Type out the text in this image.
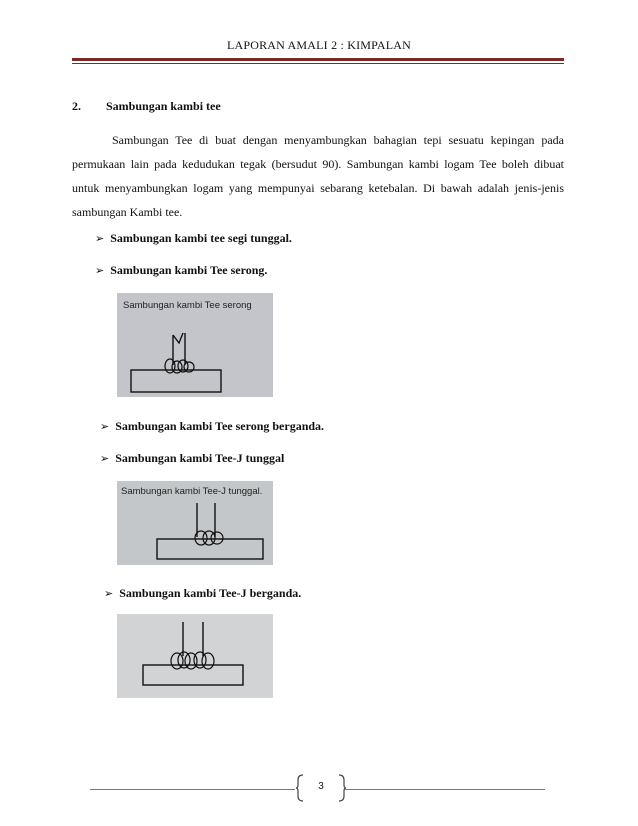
LAPORAN AMALI 2 : KIMPALAN
2. Sambungan kambi tee

Sambungan Tee di buat dengan menyambungkan bahagian tepi sesuatu kepingan pada permukaan lain pada kedudukan tegak (bersudut 90). Sambungan kambi logam Tee boleh dibuat untuk menyambungkan logam yang mempunyai sebarang ketebalan. Di bawah adalah jenis-jenis sambungan Kambi tee.

➢ Sambungan kambi tee segi tunggal.
➢ Sambungan kambi Tee serong.
Sambungan kambi Tee serong
➢ Sambungan kambi Tee serong berganda.
➢ Sambungan kambi Tee-J tunggal
Sambungan kambi Tee-J tunggal.
➢ Sambungan kambi Tee-J berganda.
3
